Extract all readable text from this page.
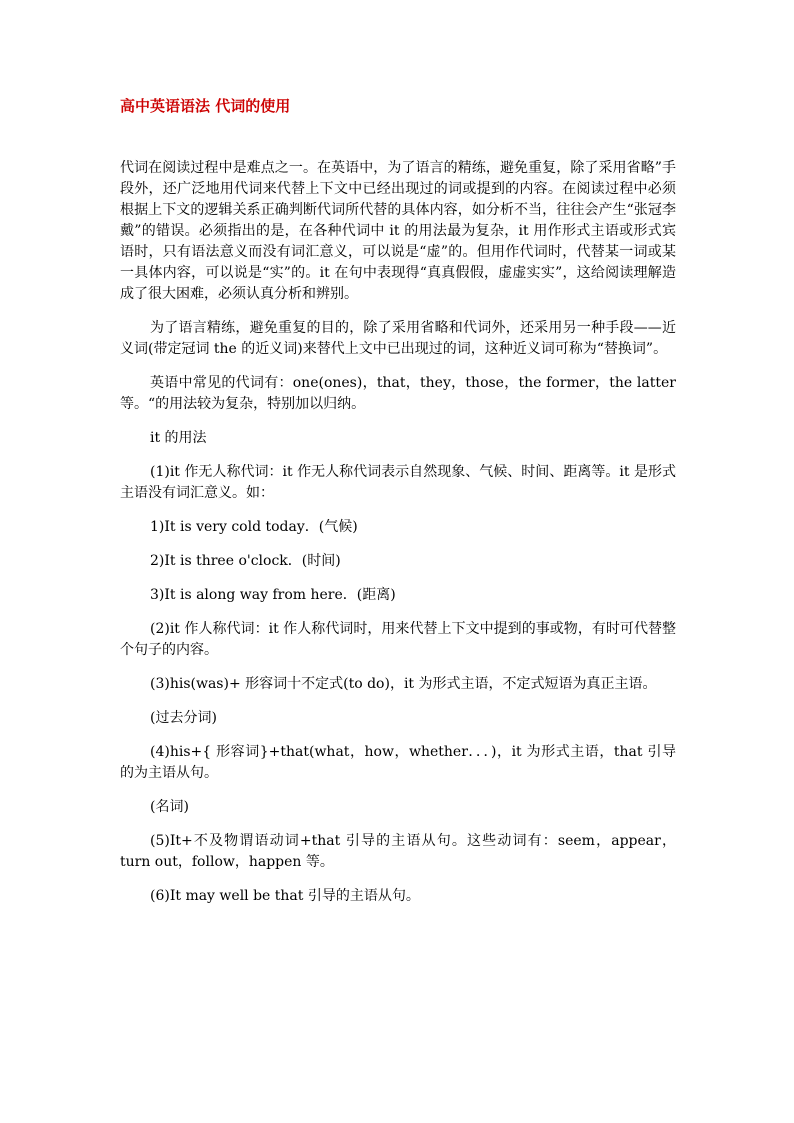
高中英语语法 代词的使用

代词在阅读过程中是难点之一。在英语中，为了语言的精练，避免重复，除了采用省略”手段外，还广泛地用代词来代替上下文中已经出现过的词或提到的内容。在阅读过程中必须根据上下文的逻辑关系正确判断代词所代替的具体内容，如分析不当，往往会产生“张冠李戴”的错误。必须指出的是，在各种代词中 it 的用法最为复杂，it 用作形式主语或形式宾语时，只有语法意义而没有词汇意义，可以说是“虚”的。但用作代词时，代替某一词或某一具体内容，可以说是“实”的。it 在句中表现得“真真假假，虚虚实实”，这给阅读理解造成了很大困难，必须认真分析和辨别。

为了语言精练，避免重复的目的，除了采用省略和代词外，还采用另一种手段——近义词(带定冠词 the 的近义词)来替代上文中已出现过的词，这种近义词可称为“替换词”。

英语中常见的代词有：one(ones)，that，they，those，the former，the latter 等。“的用法较为复杂，特别加以归纳。

it 的用法

(1)it 作无人称代词：it 作无人称代词表示自然现象、气候、时间、距离等。it 是形式主语没有词汇意义。如：

1)It is very cold today．(气候)

2)It is three o'clock．(时间)

3)It is along way from here．(距离)

(2)it 作人称代词：it 作人称代词时，用来代替上下文中提到的事或物，有时可代替整个句子的内容。

(3)his(was)+ 形容词十不定式(to do)，it 为形式主语，不定式短语为真正主语。

(过去分词)

(4)his+{ 形容词}+that(what，how，whether．．．)，it 为形式主语，that 引导的为主语从句。

(名词)

(5)It+不及物谓语动词+that 引导的主语从句。这些动词有：seem，appear，turn out，follow，happen 等。

(6)It may well be that 引导的主语从句。
